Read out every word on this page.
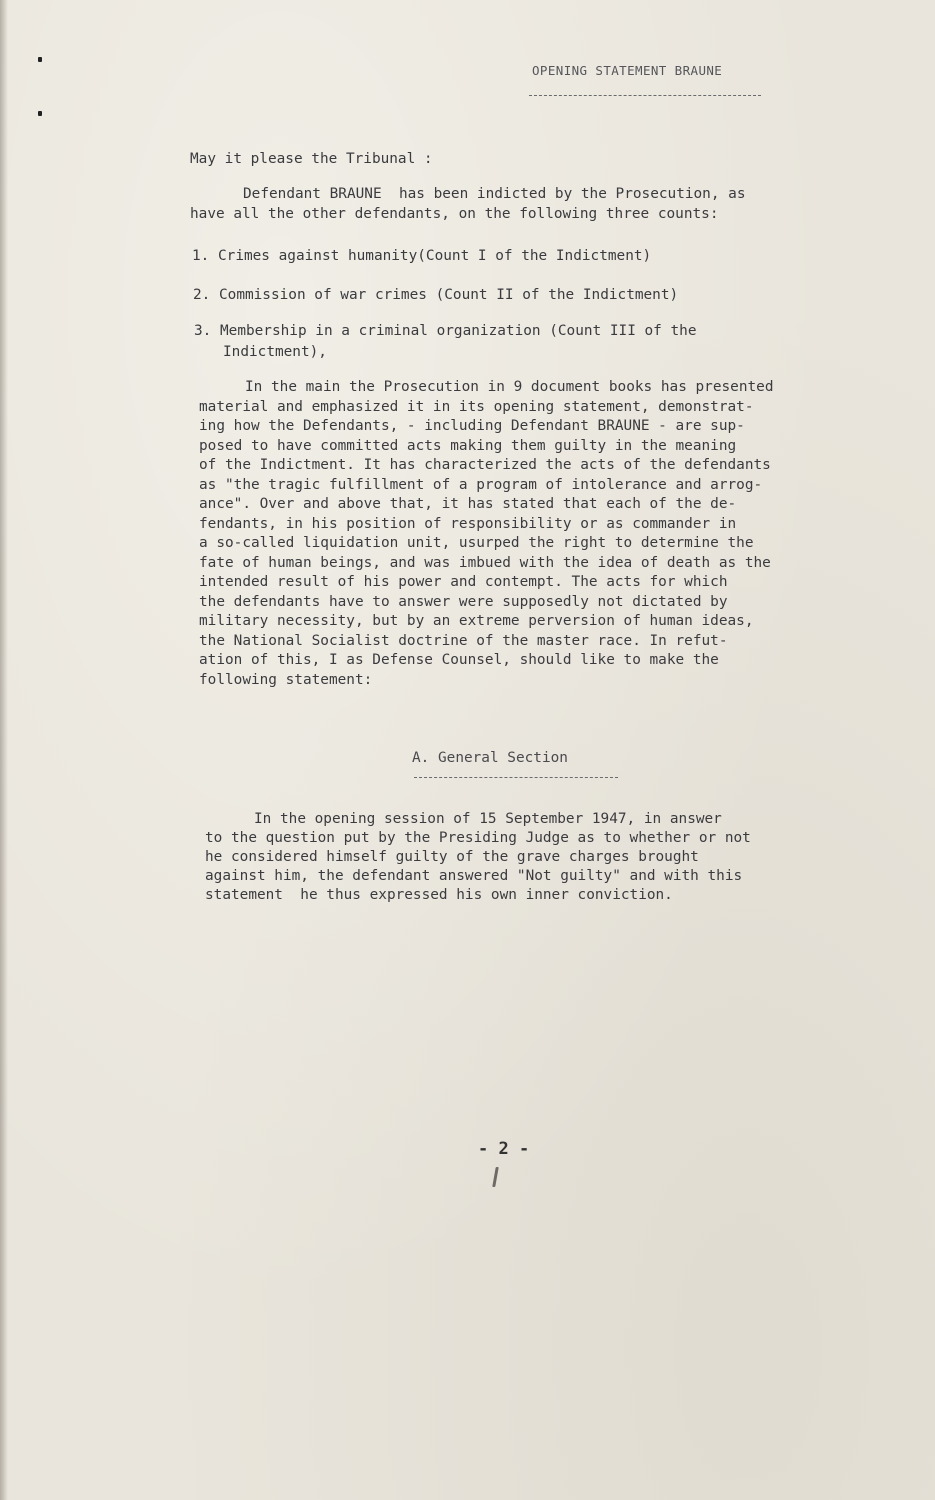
OPENING STATEMENT BRAUNE
May it please the Tribunal :
Defendant BRAUNE  has been indicted by the Prosecution, as
have all the other defendants, on the following three counts:
1. Crimes against humanity(Count I of the Indictment)
2. Commission of war crimes (Count II of the Indictment)
3. Membership in a criminal organization (Count III of the
Indictment),
In the main the Prosecution in 9 document books has presented
material and emphasized it in its opening statement, demonstrat-
ing how the Defendants, - including Defendant BRAUNE - are sup-
posed to have committed acts making them guilty in the meaning
of the Indictment. It has characterized the acts of the defendants
as "the tragic fulfillment of a program of intolerance and arrog-
ance". Over and above that, it has stated that each of the de-
fendants, in his position of responsibility or as commander in
a so-called liquidation unit, usurped the right to determine the
fate of human beings, and was imbued with the idea of death as the
intended result of his power and contempt. The acts for which
the defendants have to answer were supposedly not dictated by
military necessity, but by an extreme perversion of human ideas,
the National Socialist doctrine of the master race. In refut-
ation of this, I as Defense Counsel, should like to make the
following statement:
A. General Section
In the opening session of 15 September 1947, in answer
to the question put by the Presiding Judge as to whether or not
he considered himself guilty of the grave charges brought
against him, the defendant answered "Not guilty" and with this
statement  he thus expressed his own inner conviction.
- 2 -
